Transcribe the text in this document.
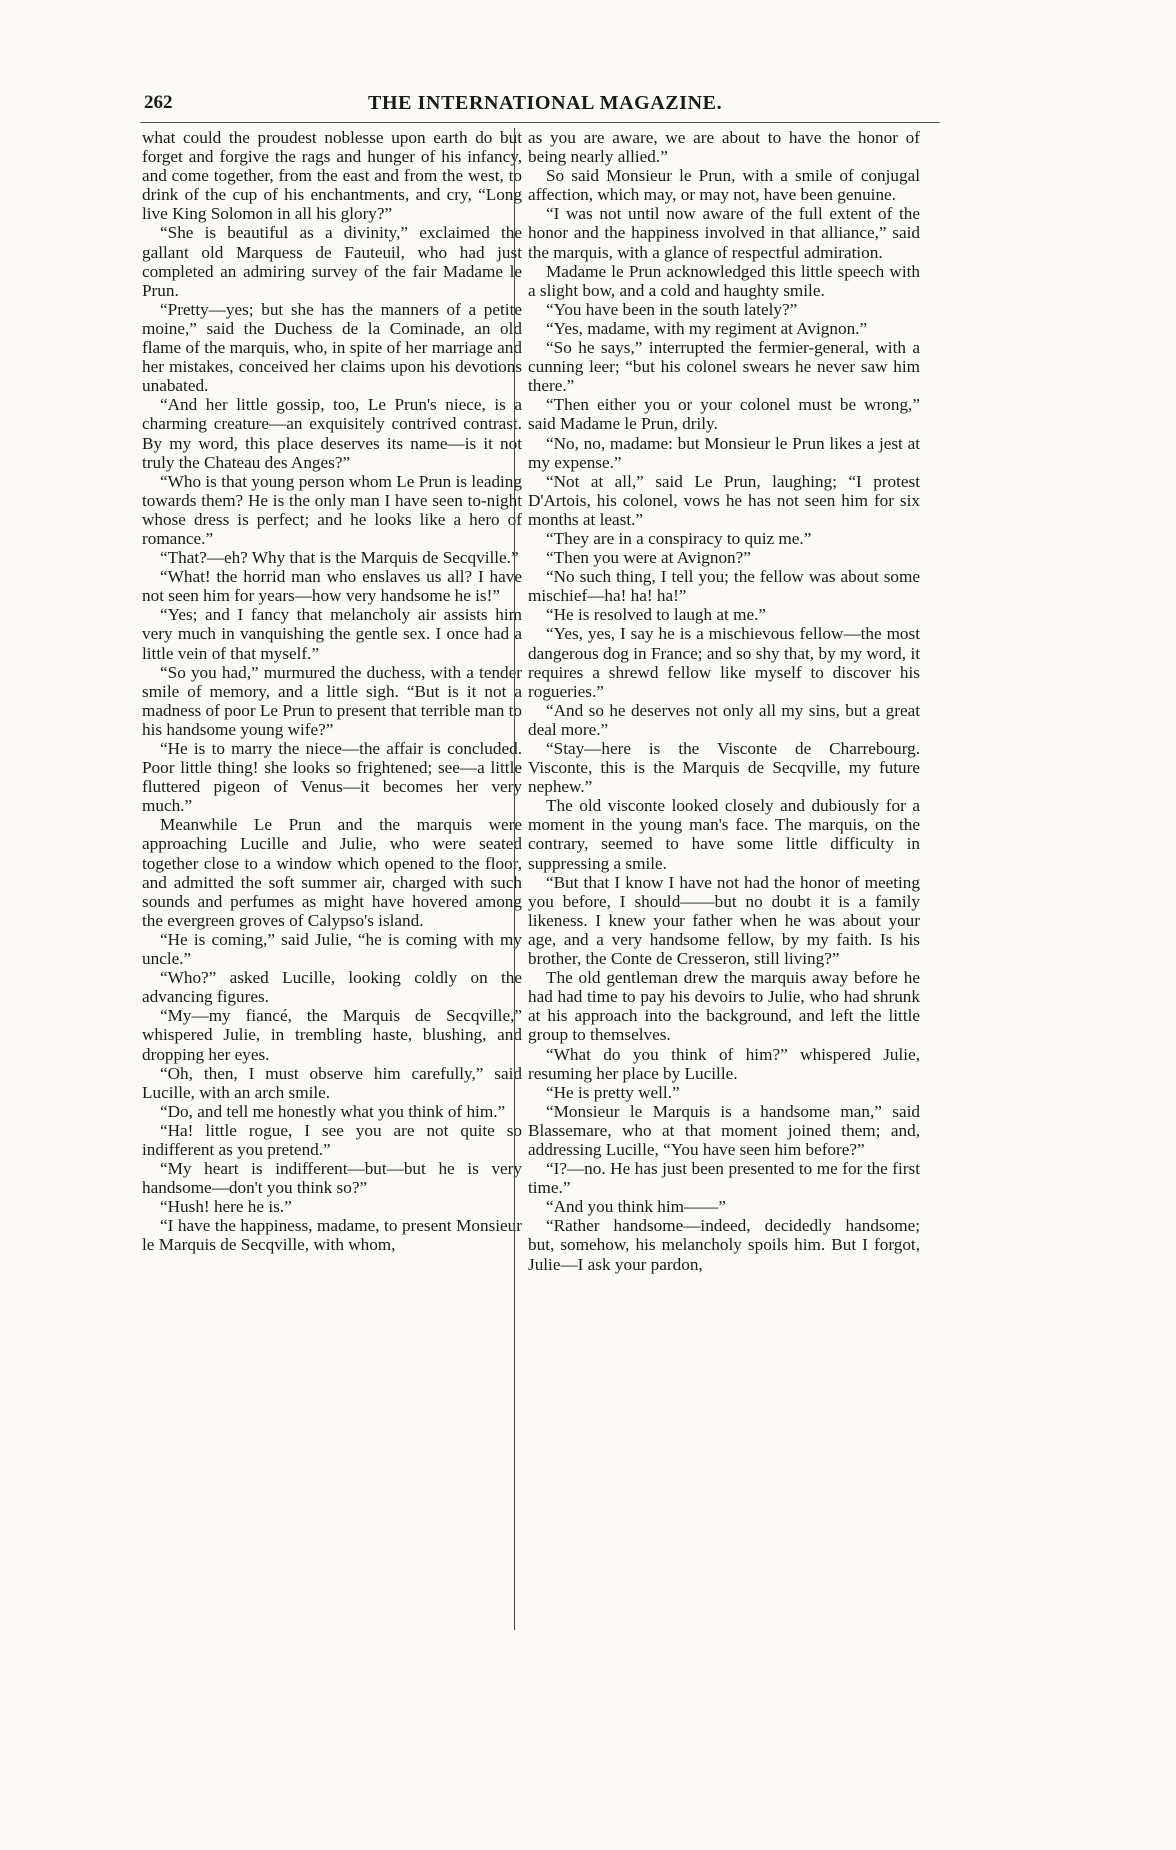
262	THE INTERNATIONAL MAGAZINE.

what could the proudest noblesse upon earth do but forget and forgive the rags and hunger of his infancy, and come together, from the east and from the west, to drink of the cup of his enchantments, and cry, “Long live King Solomon in all his glory?”

“She is beautiful as a divinity,” exclaimed the gallant old Marquess de Fauteuil, who had just completed an admiring survey of the fair Madame le Prun.

“Pretty—yes; but she has the manners of a petite moine,” said the Duchess de la Cominade, an old flame of the marquis, who, in spite of her marriage and her mistakes, conceived her claims upon his devotions unabated.

“And her little gossip, too, Le Prun's niece, is a charming creature—an exquisitely contrived contrast. By my word, this place deserves its name—is it not truly the Chateau des Anges?”

“Who is that young person whom Le Prun is leading towards them? He is the only man I have seen to-night whose dress is perfect; and he looks like a hero of romance.”

“That?—eh? Why that is the Marquis de Secqville.”

“What! the horrid man who enslaves us all? I have not seen him for years—how very handsome he is!”

“Yes; and I fancy that melancholy air assists him very much in vanquishing the gentle sex. I once had a little vein of that myself.”

“So you had,” murmured the duchess, with a tender smile of memory, and a little sigh. “But is it not a madness of poor Le Prun to present that terrible man to his handsome young wife?”

“He is to marry the niece—the affair is concluded. Poor little thing! she looks so frightened; see—a little fluttered pigeon of Venus—it becomes her very much.”

Meanwhile Le Prun and the marquis were approaching Lucille and Julie, who were seated together close to a window which opened to the floor, and admitted the soft summer air, charged with such sounds and perfumes as might have hovered among the evergreen groves of Calypso's island.

“He is coming,” said Julie, “he is coming with my uncle.”

“Who?” asked Lucille, looking coldly on the advancing figures.

“My—my fiancé, the Marquis de Secqville,” whispered Julie, in trembling haste, blushing, and dropping her eyes.

“Oh, then, I must observe him carefully,” said Lucille, with an arch smile.

“Do, and tell me honestly what you think of him.”

“Ha! little rogue, I see you are not quite so indifferent as you pretend.”

“My heart is indifferent—but—but he is very handsome—don't you think so?”

“Hush! here he is.”

“I have the happiness, madame, to present Monsieur le Marquis de Secqville, with whom,

as you are aware, we are about to have the honor of being nearly allied.”

So said Monsieur le Prun, with a smile of conjugal affection, which may, or may not, have been genuine.

“I was not until now aware of the full extent of the honor and the happiness involved in that alliance,” said the marquis, with a glance of respectful admiration.

Madame le Prun acknowledged this little speech with a slight bow, and a cold and haughty smile.

“You have been in the south lately?”

“Yes, madame, with my regiment at Avignon.”

“So he says,” interrupted the fermier-general, with a cunning leer; “but his colonel swears he never saw him there.”

“Then either you or your colonel must be wrong,” said Madame le Prun, drily.

“No, no, madame: but Monsieur le Prun likes a jest at my expense.”

“Not at all,” said Le Prun, laughing; “I protest D'Artois, his colonel, vows he has not seen him for six months at least.”

“They are in a conspiracy to quiz me.”

“Then you were at Avignon?”

“No such thing, I tell you; the fellow was about some mischief—ha! ha! ha!”

“He is resolved to laugh at me.”

“Yes, yes, I say he is a mischievous fellow—the most dangerous dog in France; and so shy that, by my word, it requires a shrewd fellow like myself to discover his rogueries.”

“And so he deserves not only all my sins, but a great deal more.”

“Stay—here is the Visconte de Charrebourg. Visconte, this is the Marquis de Secqville, my future nephew.”

The old visconte looked closely and dubiously for a moment in the young man's face. The marquis, on the contrary, seemed to have some little difficulty in suppressing a smile.

“But that I know I have not had the honor of meeting you before, I should——but no doubt it is a family likeness. I knew your father when he was about your age, and a very handsome fellow, by my faith. Is his brother, the Conte de Cresseron, still living?”

The old gentleman drew the marquis away before he had had time to pay his devoirs to Julie, who had shrunk at his approach into the background, and left the little group to themselves.

“What do you think of him?” whispered Julie, resuming her place by Lucille.

“He is pretty well.”

“Monsieur le Marquis is a handsome man,” said Blassemare, who at that moment joined them; and, addressing Lucille, “You have seen him before?”

“I?—no. He has just been presented to me for the first time.”

“And you think him——”

“Rather handsome—indeed, decidedly handsome; but, somehow, his melancholy spoils him. But I forgot, Julie—I ask your pardon,
